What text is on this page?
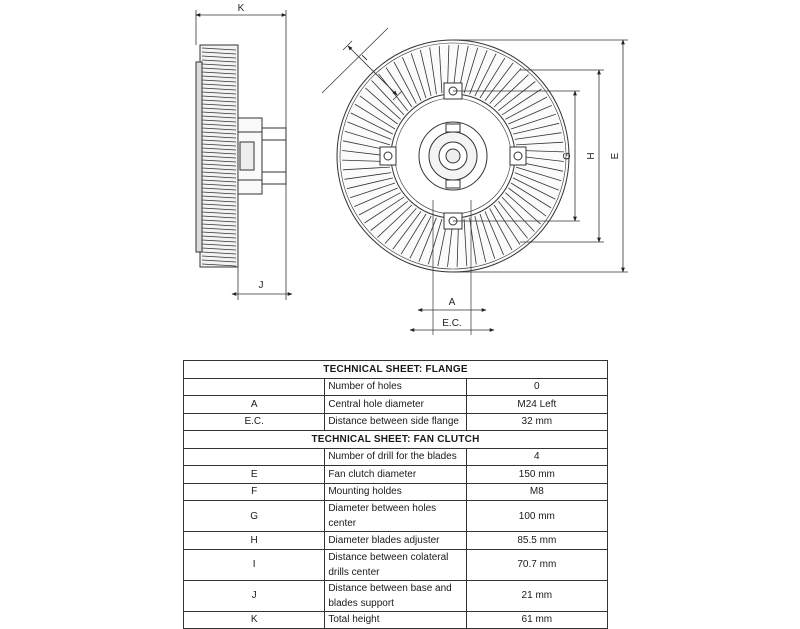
K
J
I
G H E
A
E.C.
TECHNICAL SHEET: FLANGE		
	Number of holes	0
A	Central hole diameter	M24 Left
E.C.	Distance between side flange	32 mm
TECHNICAL SHEET: FAN CLUTCH		
	Number of drill for the blades	4
E	Fan clutch diameter	150 mm
F	Mounting holdes	M8
G	Diameter between holes center	100 mm
H	Diameter blades adjuster	85.5 mm
I	Distance between colateral drills center	70.7 mm
J	Distance between base and blades support	21 mm
K	Total height	61 mm
